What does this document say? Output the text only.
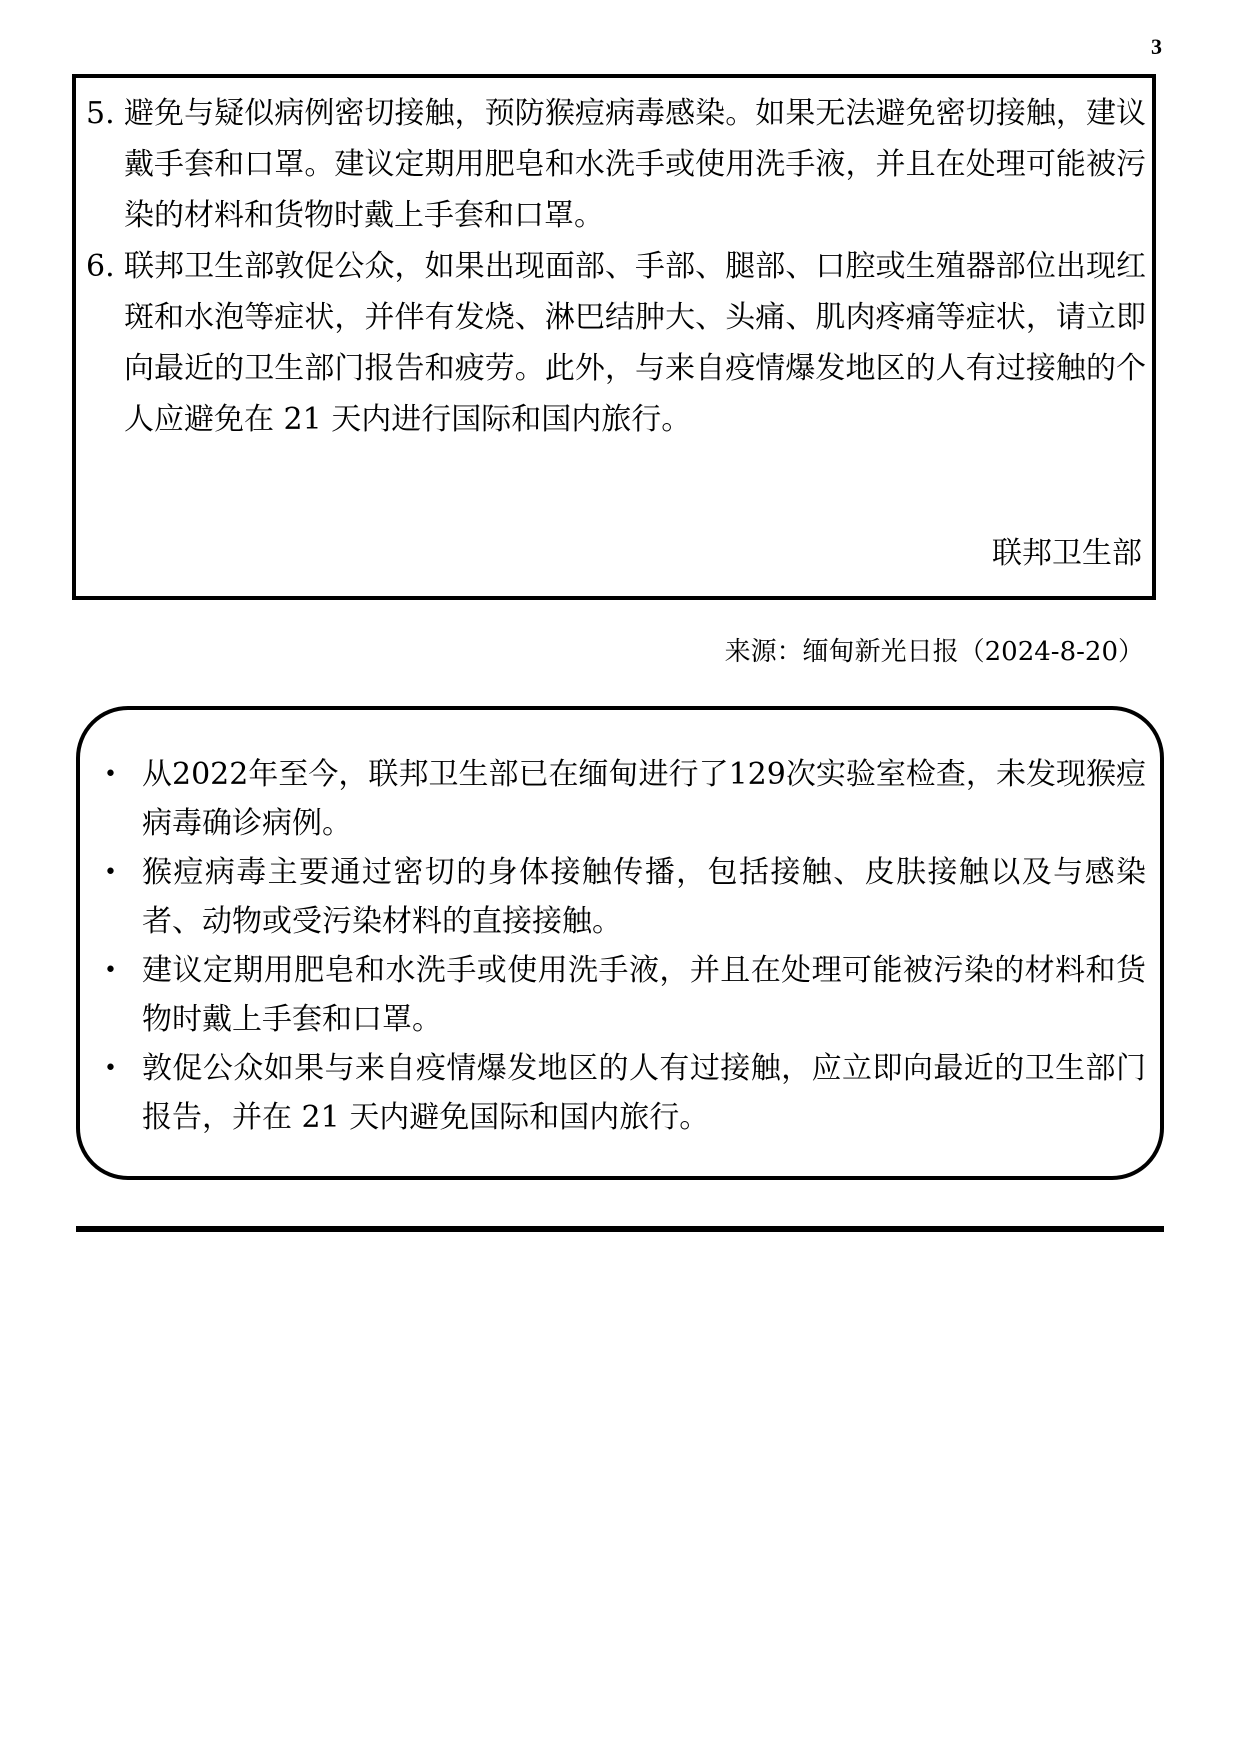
3
5. 避免与疑似病例密切接触，预防猴痘病毒感染。如果无法避免密切接触，建议戴手套和口罩。建议定期用肥皂和水洗手或使用洗手液，并且在处理可能被污染的材料和货物时戴上手套和口罩。
6. 联邦卫生部敦促公众，如果出现面部、手部、腿部、口腔或生殖器部位出现红斑和水泡等症状，并伴有发烧、淋巴结肿大、头痛、肌肉疼痛等症状，请立即向最近的卫生部门报告和疲劳。此外，与来自疫情爆发地区的人有过接触的个人应避免在 21 天内进行国际和国内旅行。
联邦卫生部
来源：缅甸新光日报（2024-8-20）
• 从2022年至今，联邦卫生部已在缅甸进行了129次实验室检查，未发现猴痘病毒确诊病例。
• 猴痘病毒主要通过密切的身体接触传播，包括接触、皮肤接触以及与感染者、动物或受污染材料的直接接触。
• 建议定期用肥皂和水洗手或使用洗手液，并且在处理可能被污染的材料和货物时戴上手套和口罩。
• 敦促公众如果与来自疫情爆发地区的人有过接触，应立即向最近的卫生部门报告，并在 21 天内避免国际和国内旅行。
